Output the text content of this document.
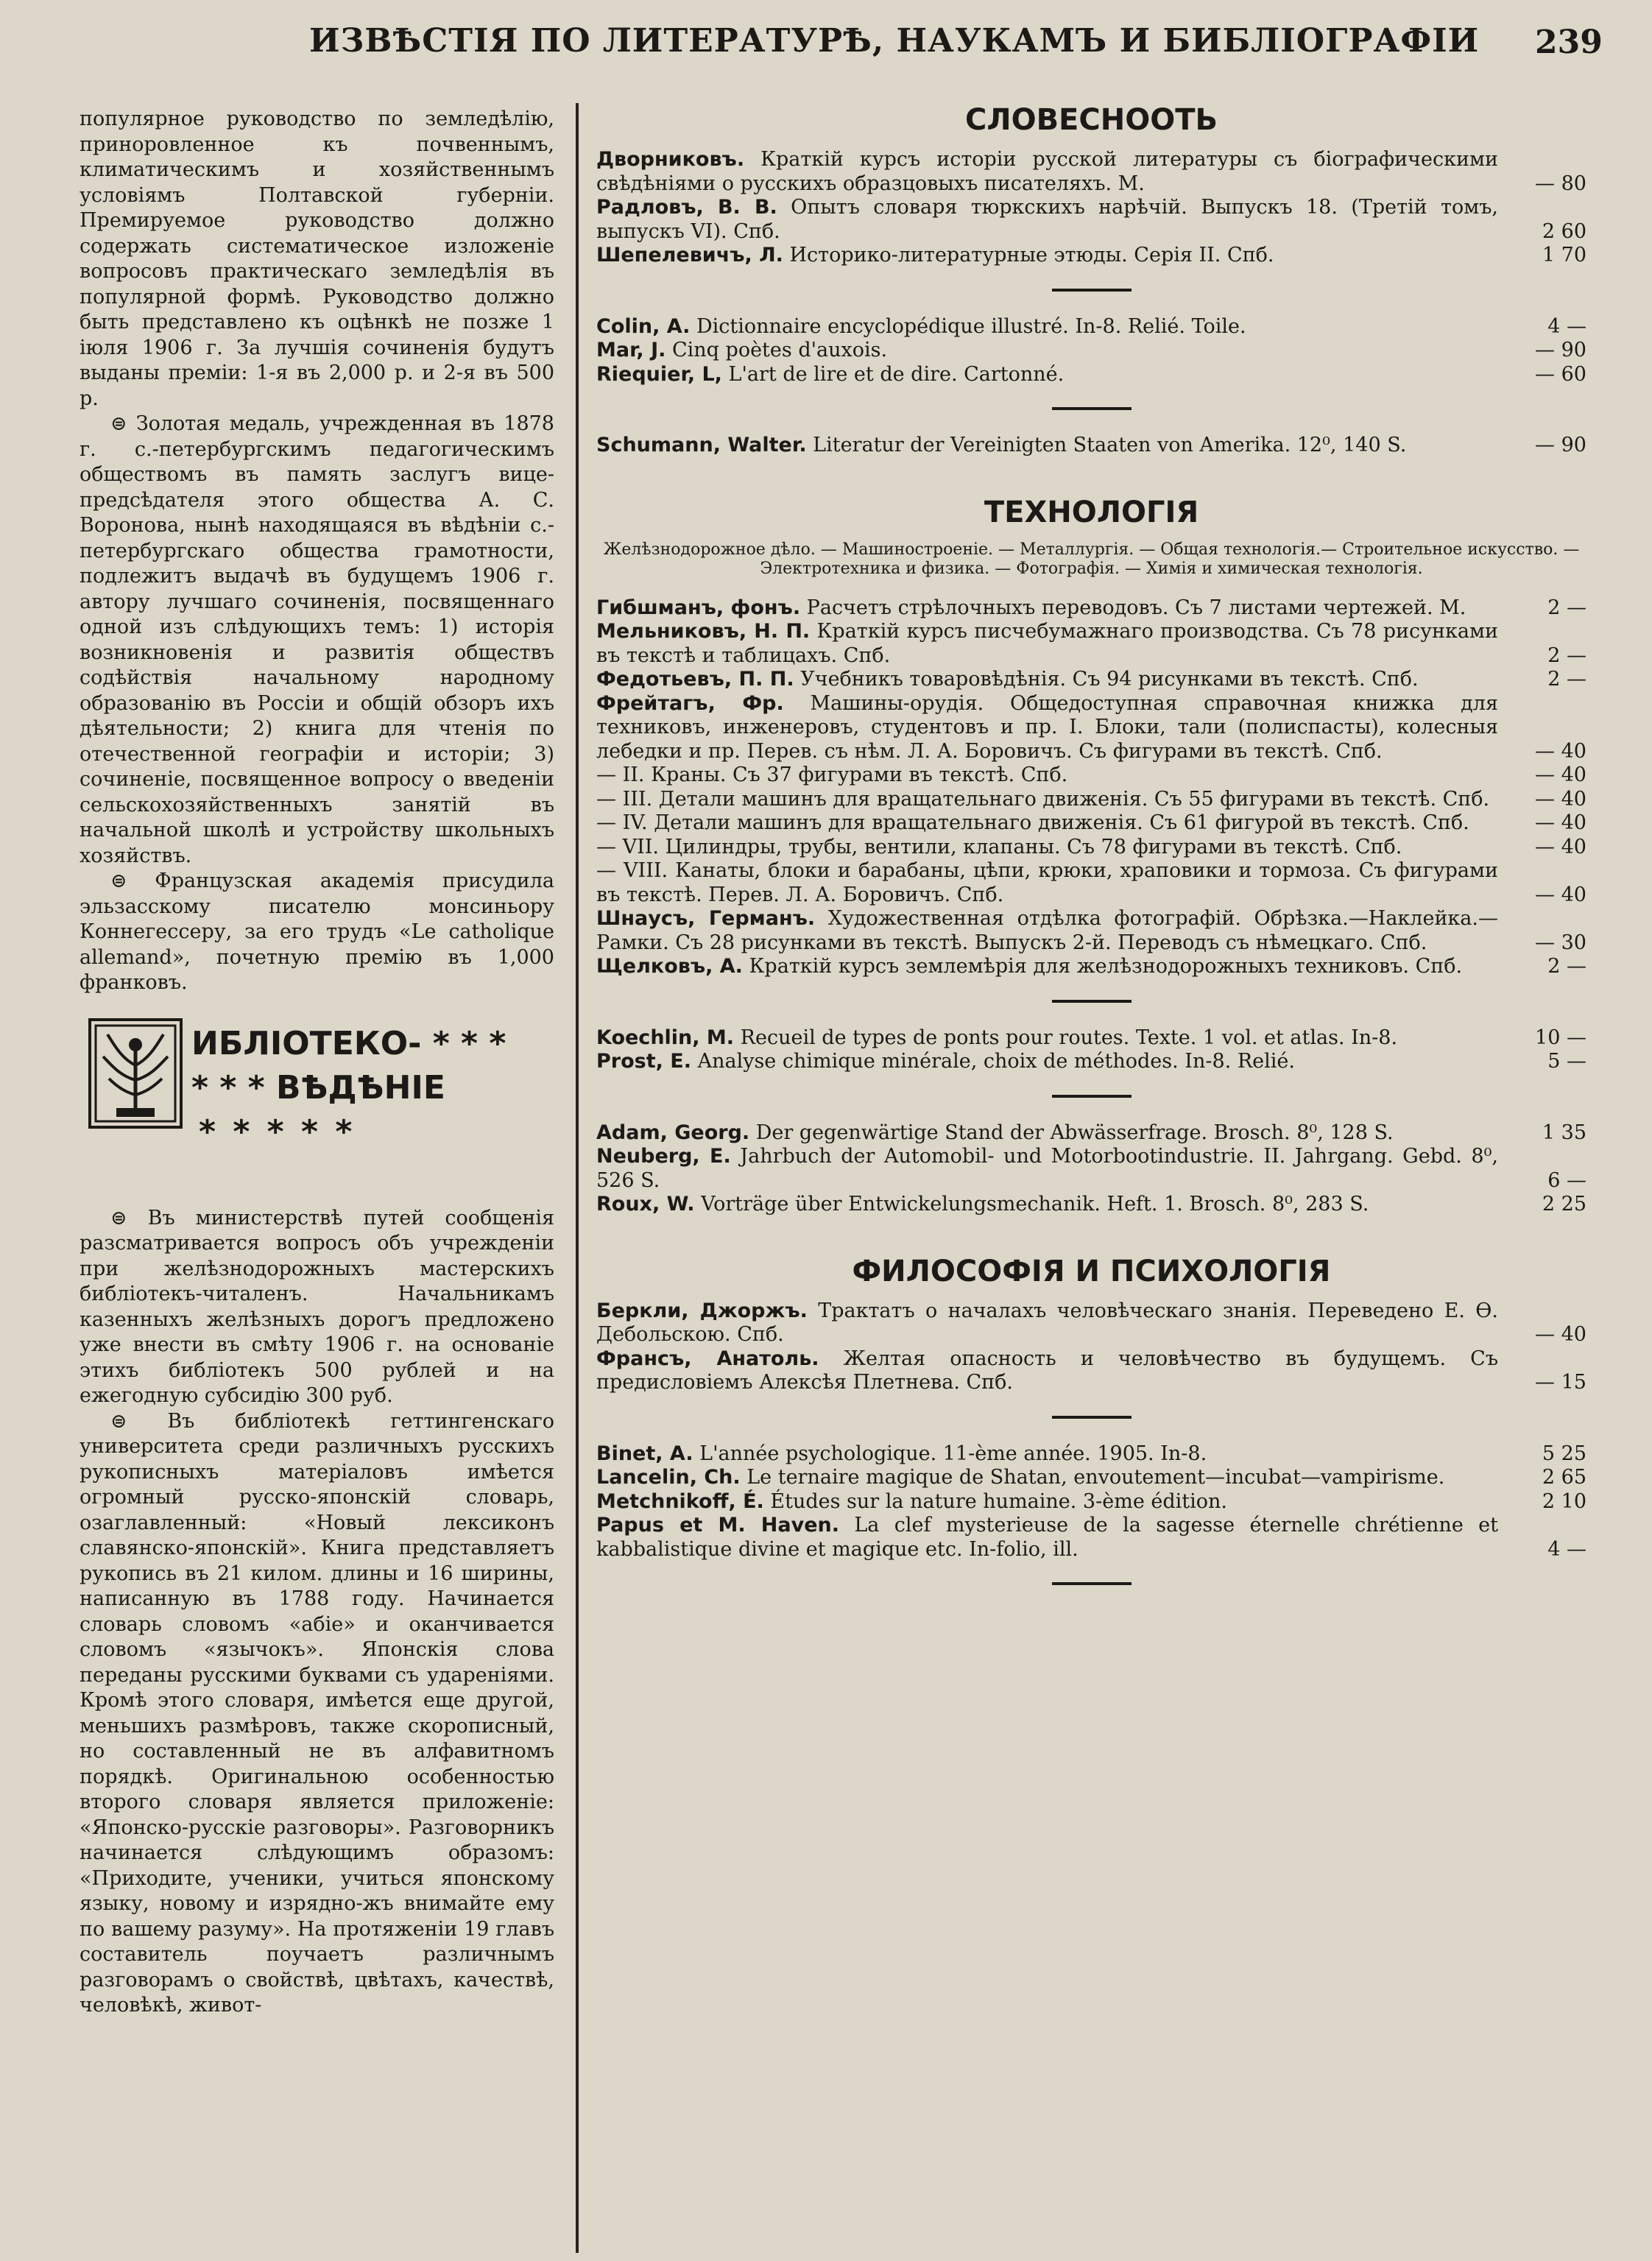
ИЗВѢСТІЯ ПО ЛИТЕРАТУРѢ, НАУКАМЪ И БИБЛІОГРАФІИ 239

популярное руководство по земледѣлію, приноровленное къ почвеннымъ, климатическимъ и хозяйственнымъ условіямъ Полтавской губерніи. Премируемое руководство должно содержать систематическое изложеніе вопросовъ практическаго земледѣлія въ популярной формѣ. Руководство должно быть представлено къ оцѣнкѣ не позже 1 іюля 1906 г. За лучшія сочиненія будутъ выданы преміи: 1-я въ 2,000 р. и 2-я въ 500 р.

⊜ Золотая медаль, учрежденная въ 1878 г. с.-петербургскимъ педагогическимъ обществомъ въ память заслугъ вице-предсѣдателя этого общества А. С. Воронова, нынѣ находящаяся въ вѣдѣніи с.-петербургскаго общества грамотности, подлежитъ выдачѣ въ будущемъ 1906 г. автору лучшаго сочиненія, посвященнаго одной изъ слѣдующихъ темъ: 1) исторія возникновенія и развитія обществъ содѣйствія начальному народному образованію въ Россіи и общій обзоръ ихъ дѣятельности; 2) книга для чтенія по отечественной географіи и исторіи; 3) сочиненіе, посвященное вопросу о введеніи сельскохозяйственныхъ занятій въ начальной школѣ и устройству школьныхъ хозяйствъ.

⊜ Французская академія присудила эльзасскому писателю монсиньору Коннегессеру, за его трудъ «Le catholique allemand», почетную премію въ 1,000 франковъ.

ИБЛІОТЕКО- * * *
* * * ВѢДѢНІЕ
* * * * *

⊜ Въ министерствѣ путей сообщенія разсматривается вопросъ объ учрежденіи при желѣзнодорожныхъ мастерскихъ библіотекъ-читаленъ. Начальникамъ казенныхъ желѣзныхъ дорогъ предложено уже внести въ смѣту 1906 г. на основаніе этихъ библіотекъ 500 рублей и на ежегодную субсидію 300 руб.

⊜ Въ библіотекѣ геттингенскаго университета среди различныхъ русскихъ рукописныхъ матеріаловъ имѣется огромный русско-японскій словарь, озаглавленный: «Новый лексиконъ славянско-японскій». Книга представляетъ рукопись въ 21 килом. длины и 16 ширины, написанную въ 1788 году. Начинается словарь словомъ «абіе» и оканчивается словомъ «язычокъ». Японскія слова переданы русскими буквами съ удареніями. Кромѣ этого словаря, имѣется еще другой, меньшихъ размѣровъ, также скорописный, но составленный не въ алфавитномъ порядкѣ. Оригинальною особенностью второго словаря является приложеніе: «Японско-русскіе разговоры». Разговорникъ начинается слѣдующимъ образомъ: «Приходите, ученики, учиться японскому языку, новому и изрядно-жъ внимайте ему по вашему разуму». На протяженіи 19 главъ составитель поучаетъ различнымъ разговорамъ о свойствѣ, цвѣтахъ, качествѣ, человѣкѣ, живот-

СЛОВЕСНООТЬ
Дворниковъ. Краткій курсъ исторіи русской литературы съ біографическими свѣдѣніями о русскихъ образцовыхъ писателяхъ. М.	— 80
Радловъ, В. В. Опытъ словаря тюркскихъ нарѣчій. Выпускъ 18. (Третій томъ, выпускъ VI). Спб.	2 60
Шепелевичъ, Л. Историко-литературные этюды. Серія II. Спб.	1 70
Colin, A. Dictionnaire encyclopédique illustré. In-8. Relié. Toile.	4 —
Mar, J. Cinq poètes d'auxois.	— 90
Riequier, L, L'art de lire et de dire. Cartonné.	— 60
Schumann, Walter. Literatur der Vereinigten Staaten von Amerika. 12⁰, 140 S.	— 90
ТЕХНОЛОГІЯ
Желѣзнодорожное дѣло. — Машиностроеніе. — Металлургія. — Общая технологія.— Строительное искусство. — Электротехника и физика. — Фотографія. — Химія и химическая технологія.
Гибшманъ, фонъ. Расчетъ стрѣлочныхъ переводовъ. Съ 7 листами чертежей. М.	2 —
Мельниковъ, Н. П. Краткій курсъ писчебумажнаго производства. Съ 78 рисунками въ текстѣ и таблицахъ. Спб.	2 —
Федотьевъ, П. П. Учебникъ товаровѣдѣнія. Съ 94 рисунками въ текстѣ. Спб.	2 —
Фрейтагъ, Фр. Машины-орудія. Общедоступная справочная книжка для техниковъ, инженеровъ, студентовъ и пр. I. Блоки, тали (полиспасты), колесныя лебедки и пр. Перев. съ нѣм. Л. А. Боровичъ. Съ фигурами въ текстѣ. Спб.	— 40
— II. Краны. Съ 37 фигурами въ текстѣ. Спб.	— 40
— III. Детали машинъ для вращательнаго движенія. Съ 55 фигурами въ текстѣ. Спб.	— 40
— IV. Детали машинъ для вращательнаго движенія. Съ 61 фигурой въ текстѣ. Спб.	— 40
— VII. Цилиндры, трубы, вентили, клапаны. Съ 78 фигурами въ текстѣ. Спб.	— 40
— VIII. Канаты, блоки и барабаны, цѣпи, крюки, храповики и тормоза. Съ фигурами въ текстѣ. Перев. Л. А. Боровичъ. Спб.	— 40
Шнаусъ, Германъ. Художественная отдѣлка фотографій. Обрѣзка.—Наклейка.—Рамки. Съ 28 рисунками въ текстѣ. Выпускъ 2-й. Переводъ съ нѣмецкаго. Спб.	— 30
Щелковъ, А. Краткій курсъ землемѣрія для желѣзнодорожныхъ техниковъ. Спб.	2 —
Koechlin, M. Recueil de types de ponts pour routes. Texte. 1 vol. et atlas. In-8.	10 —
Prost, E. Analyse chimique minérale, choix de méthodes. In-8. Relié.	5 —
Adam, Georg. Der gegenwärtige Stand der Abwässerfrage. Brosch. 8⁰, 128 S.	1 35
Neuberg, E. Jahrbuch der Automobil- und Motorbootindustrie. II. Jahrgang. Gebd. 8⁰, 526 S.	6 —
Roux, W. Vorträge über Entwickelungsmechanik. Heft. 1. Brosch. 8⁰, 283 S.	2 25
ФИЛОСОФІЯ И ПСИХОЛОГІЯ
Беркли, Джоржъ. Трактатъ о началахъ человѣческаго знанія. Переведено Е. Ѳ. Дебольскою. Спб.	— 40
Франсъ, Анатоль. Желтая опасность и человѣчество въ будущемъ. Съ предисловіемъ Алексѣя Плетнева. Спб.	— 15
Binet, A. L'année psychologique. 11-ème année. 1905. In-8.	5 25
Lancelin, Ch. Le ternaire magique de Shatan, envoutement—incubat—vampirisme.	2 65
Metchnikoff, É. Études sur la nature humaine. 3-ème édition.	2 10
Papus et M. Haven. La clef mysterieuse de la sagesse éternelle chrétienne et kabbalistique divine et magique etc. In-folio, ill.	4 —
